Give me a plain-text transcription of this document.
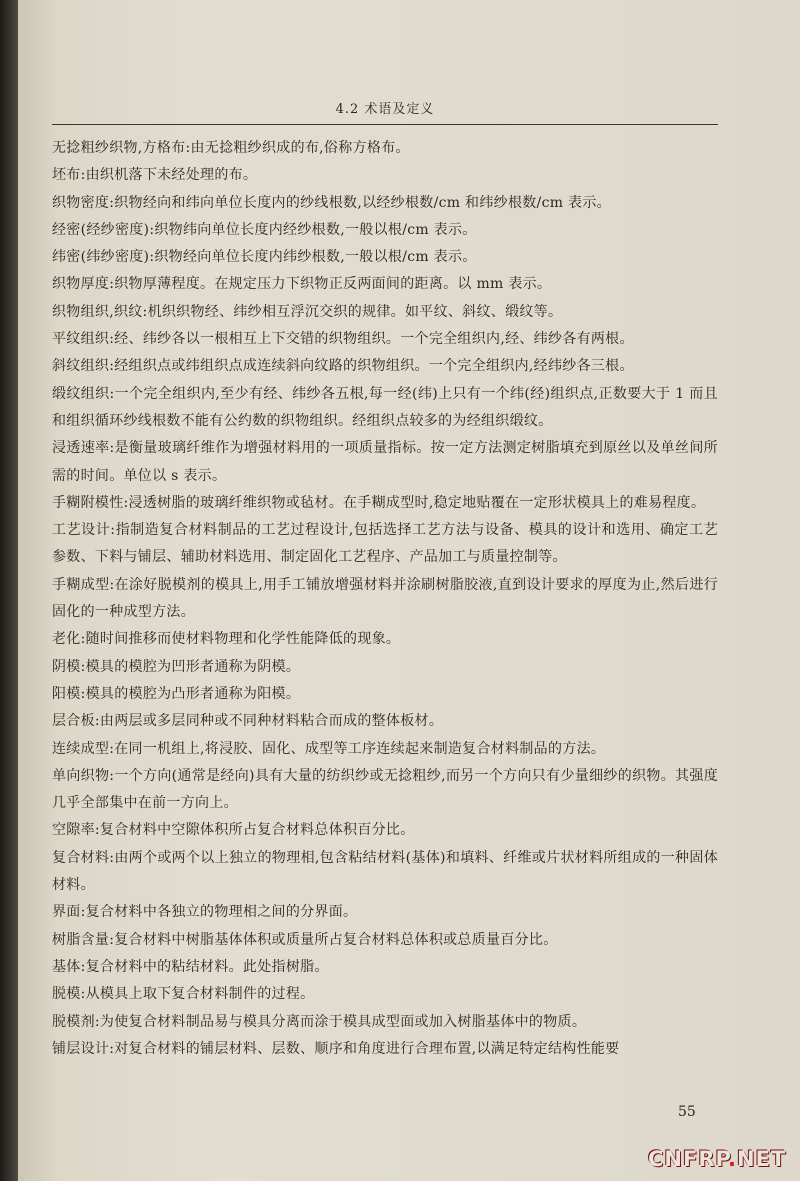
4.2 术语及定义

无捻粗纱织物,方格布:由无捻粗纱织成的布,俗称方格布。

坯布:由织机落下未经处理的布。

织物密度:织物经向和纬向单位长度内的纱线根数,以经纱根数/cm 和纬纱根数/cm 表示。

经密(经纱密度):织物纬向单位长度内经纱根数,一般以根/cm 表示。

纬密(纬纱密度):织物经向单位长度内纬纱根数,一般以根/cm 表示。

织物厚度:织物厚薄程度。在规定压力下织物正反两面间的距离。以 mm 表示。

织物组织,织纹:机织织物经、纬纱相互浮沉交织的规律。如平纹、斜纹、缎纹等。

平纹组织:经、纬纱各以一根相互上下交错的织物组织。一个完全组织内,经、纬纱各有两根。

斜纹组织:经组织点或纬组织点成连续斜向纹路的织物组织。一个完全组织内,经纬纱各三根。

缎纹组织:一个完全组织内,至少有经、纬纱各五根,每一经(纬)上只有一个纬(经)组织点,正数要大于 1 而且和组织循环纱线根数不能有公约数的织物组织。经组织点较多的为经组织缎纹。

浸透速率:是衡量玻璃纤维作为增强材料用的一项质量指标。按一定方法测定树脂填充到原丝以及单丝间所需的时间。单位以 s 表示。

手糊附模性:浸透树脂的玻璃纤维织物或毡材。在手糊成型时,稳定地贴覆在一定形状模具上的难易程度。

工艺设计:指制造复合材料制品的工艺过程设计,包括选择工艺方法与设备、模具的设计和选用、确定工艺参数、下料与铺层、辅助材料选用、制定固化工艺程序、产品加工与质量控制等。

手糊成型:在涂好脱模剂的模具上,用手工铺放增强材料并涂刷树脂胶液,直到设计要求的厚度为止,然后进行固化的一种成型方法。

老化:随时间推移而使材料物理和化学性能降低的现象。

阴模:模具的模腔为凹形者通称为阴模。

阳模:模具的模腔为凸形者通称为阳模。

层合板:由两层或多层同种或不同种材料粘合而成的整体板材。

连续成型:在同一机组上,将浸胶、固化、成型等工序连续起来制造复合材料制品的方法。

单向织物:一个方向(通常是经向)具有大量的纺织纱或无捻粗纱,而另一个方向只有少量细纱的织物。其强度几乎全部集中在前一方向上。

空隙率:复合材料中空隙体积所占复合材料总体积百分比。

复合材料:由两个或两个以上独立的物理相,包含粘结材料(基体)和填料、纤维或片状材料所组成的一种固体材料。

界面:复合材料中各独立的物理相之间的分界面。

树脂含量:复合材料中树脂基体体积或质量所占复合材料总体积或总质量百分比。

基体:复合材料中的粘结材料。此处指树脂。

脱模:从模具上取下复合材料制件的过程。

脱模剂:为使复合材料制品易与模具分离而涂于模具成型面或加入树脂基体中的物质。

铺层设计:对复合材料的铺层材料、层数、顺序和角度进行合理布置,以满足特定结构性能要

55
CNFRP.NET
